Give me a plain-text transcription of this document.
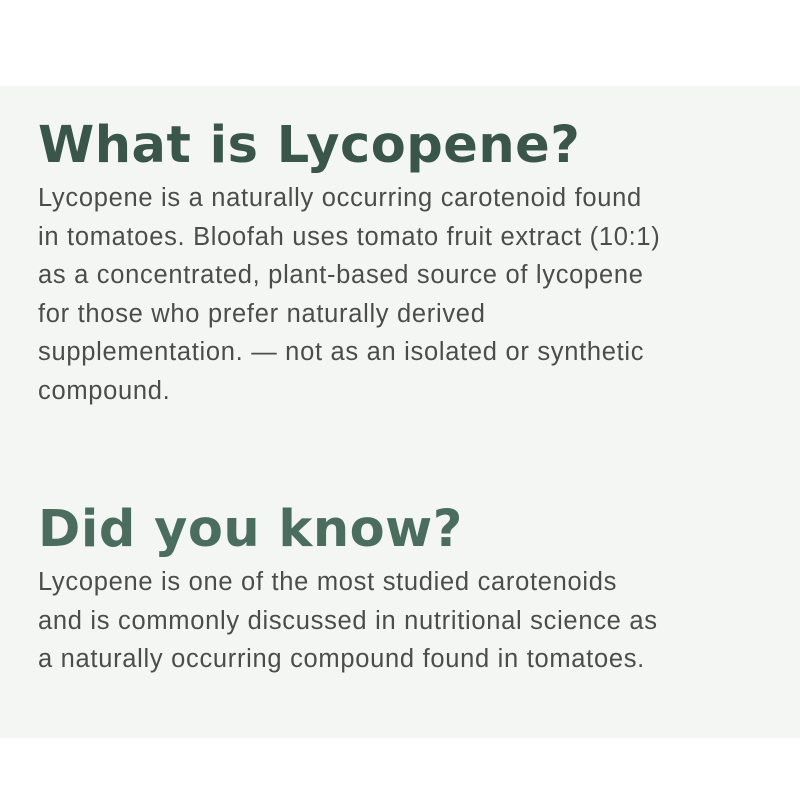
What is Lycopene?

Lycopene is a naturally occurring carotenoid found
in tomatoes. Bloofah uses tomato fruit extract (10:1)
as a concentrated, plant-based source of lycopene
for those who prefer naturally derived
supplementation. — not as an isolated or synthetic
compound.

Did you know?

Lycopene is one of the most studied carotenoids
and is commonly discussed in nutritional science as
a naturally occurring compound found in tomatoes.
